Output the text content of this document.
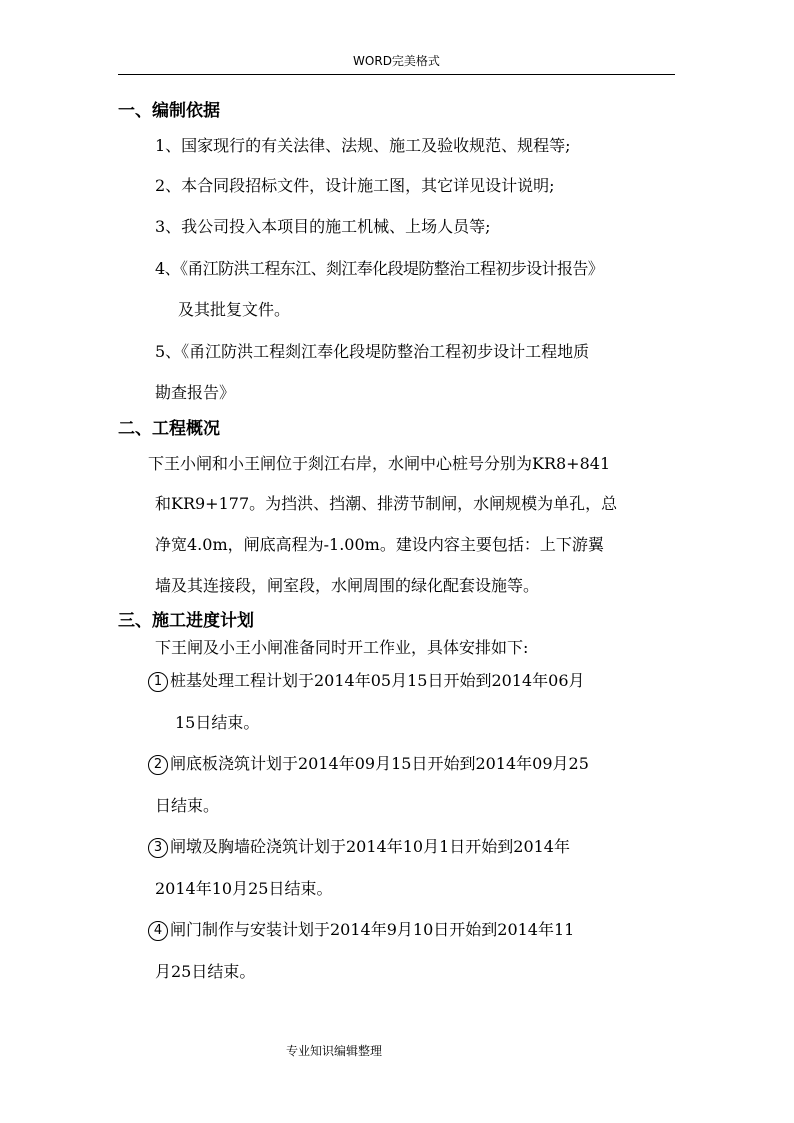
WORD完美格式
一、编制依据
1、国家现行的有关法律、法规、施工及验收规范、规程等;
2、本合同段招标文件，设计施工图，其它详见设计说明;
3、我公司投入本项目的施工机械、上场人员等;
4、《甬江防洪工程东江、剡江奉化段堤防整治工程初步设计报告》
及其批复文件。
5、《甬江防洪工程剡江奉化段堤防整治工程初步设计工程地质
勘查报告》
二、工程概况
下王小闸和小王闸位于剡江右岸，水闸中心桩号分别为KR8+841
和KR9+177。为挡洪、挡潮、排涝节制闸，水闸规模为单孔，总
净宽4.0m，闸底高程为-1.00m。建设内容主要包括：上下游翼
墙及其连接段，闸室段，水闸周围的绿化配套设施等。
三、施工进度计划
下王闸及小王小闸准备同时开工作业，具体安排如下:
1 桩基处理工程计划于2014年05月15日开始到2014年06月
15日结束。
2 闸底板浇筑计划于2014年09月15日开始到2014年09月25
日结束。
3 闸墩及胸墙砼浇筑计划于2014年10月1日开始到2014年
2014年10月25日结束。
4 闸门制作与安装计划于2014年9月10日开始到2014年11
月25日结束。
专业知识编辑整理
